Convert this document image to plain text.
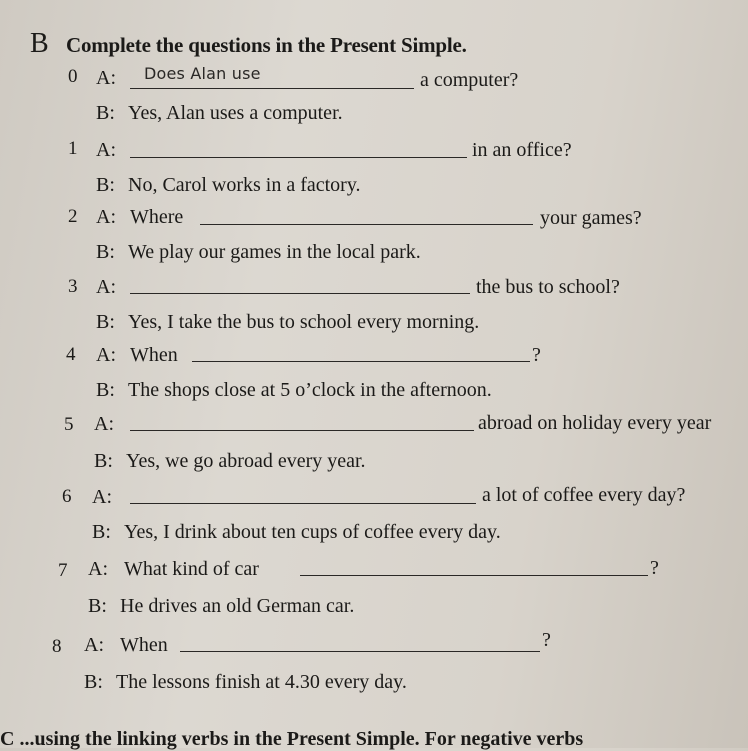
B Complete the questions in the Present Simple.
0 A: Does Alan use	a computer?
B: Yes, Alan uses a computer.
1 A:	in an office?
B: No, Carol works in a factory.
2 A: Where	your games?
B: We play our games in the local park.
3 A:	the bus to school?
B: Yes, I take the bus to school every morning.
4 A: When	?
B: The shops close at 5 o’clock in the afternoon.
5 A:	abroad on holiday every year
B: Yes, we go abroad every year.
6 A:	a lot of coffee every day?
B: Yes, I drink about ten cups of coffee every day.
7 A: What kind of car	?
B: He drives an old German car.
8 A: When	?
B: The lessons finish at 4.30 every day.
C ...using the linking verbs in the Present Simple. For negative verbs
